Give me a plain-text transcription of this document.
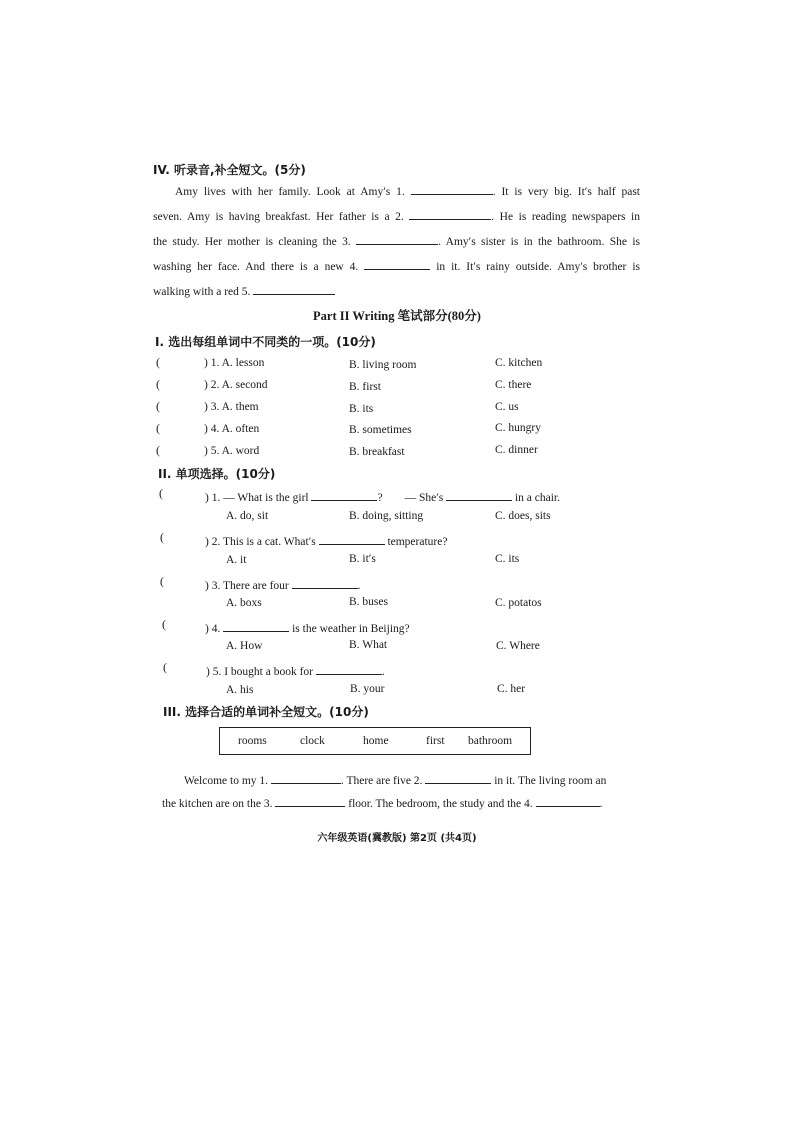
IV. 听录音,补全短文。(5分)
Amy lives with her family. Look at Amy′s 1.	. It is very big. It′s half past
seven. Amy is having breakfast. Her father is a 2.	. He is reading newspapers in
the study. Her mother is cleaning the 3.	. Amy′s sister is in the bathroom. She is
washing her face. And there is a new 4.	in it. It′s rainy outside. Amy′s brother is
walking with a red 5.
Part II Writing 笔试部分(80分)
I. 选出每组单词中不同类的一项。(10分)
(	) 1. A. lesson	B. living room	C. kitchen
(	) 2. A. second	B. first	C. there
(	) 3. A. them	B. its	C. us
(	) 4. A. often	B. sometimes	C. hungry
(	) 5. A. word	B. breakfast	C. dinner
II. 单项选择。(10分)
(	) 1. — What is the girl	? — She′s	in a chair.
A. do, sit	B. doing, sitting	C. does, sits
(	) 2. This is a cat. What′s	temperature?
A. it	B. it′s	C. its
(	) 3. There are four	.
A. boxs	B. buses	C. potatos
(	) 4.	is the weather in Beijing?
A. How	B. What	C. Where
(	) 5. I bought a book for	.
A. his	B. your	C. her
III. 选择合适的单词补全短文。(10分)
rooms	clock	home	first bathroom
Welcome to my 1.	. There are five 2.	in it. The living room an
the kitchen are on the 3.	floor. The bedroom, the study and the 4.	.
六年级英语(冀教版) 第2页 (共4页)
